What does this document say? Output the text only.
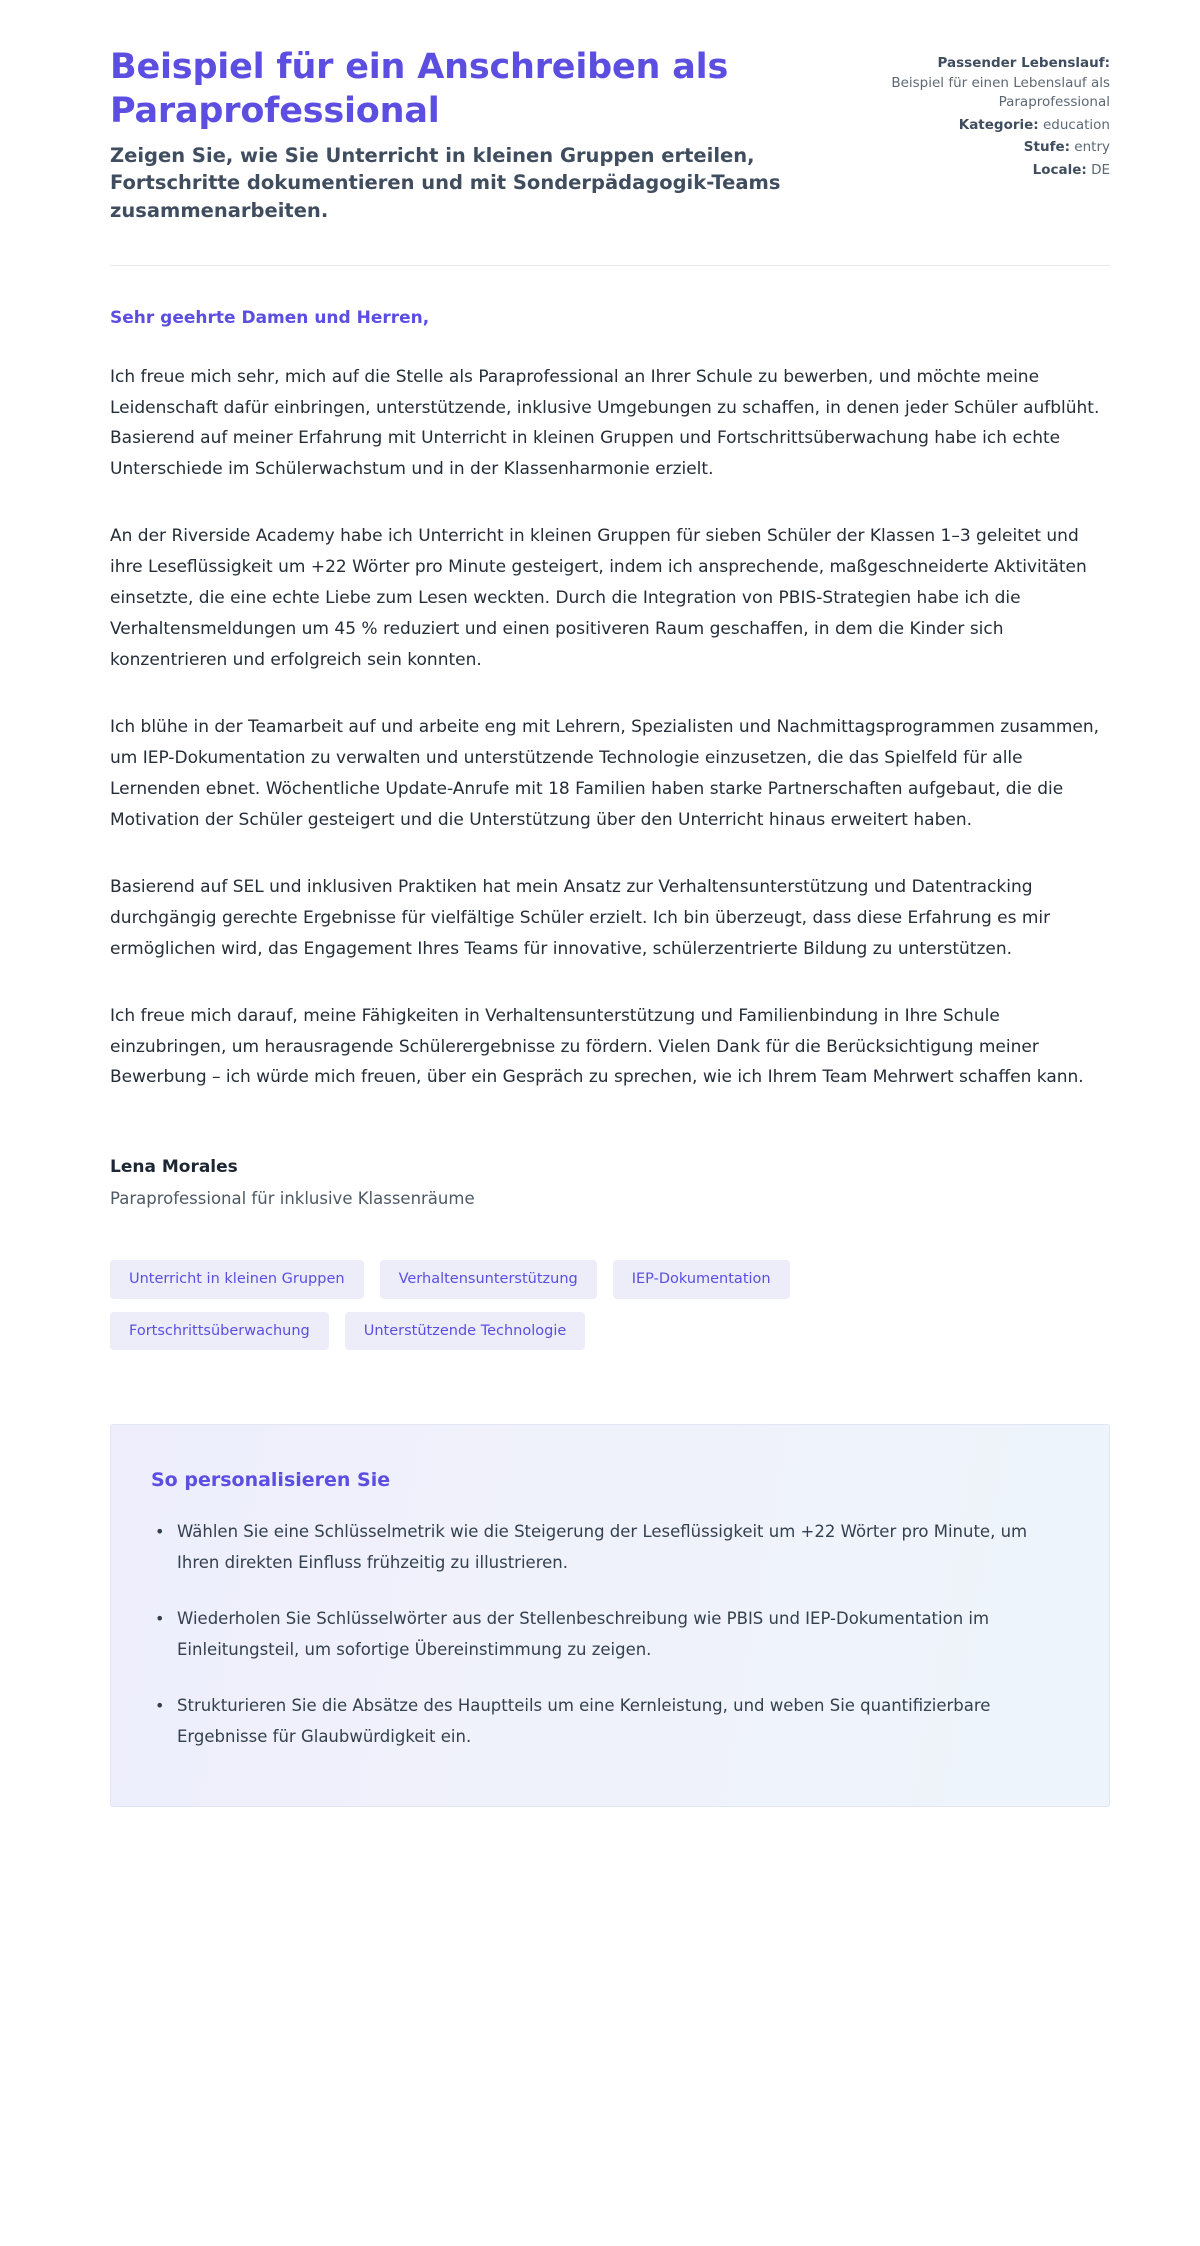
Beispiel für ein Anschreiben als Paraprofessional

Zeigen Sie, wie Sie Unterricht in kleinen Gruppen erteilen, Fortschritte dokumentieren und mit Sonderpädagogik-Teams zusammenarbeiten.

Passender Lebenslauf: Beispiel für einen Lebenslauf als Paraprofessional
Kategorie: education
Stufe: entry
Locale: DE

Sehr geehrte Damen und Herren,

Ich freue mich sehr, mich auf die Stelle als Paraprofessional an Ihrer Schule zu bewerben, und möchte meine Leidenschaft dafür einbringen, unterstützende, inklusive Umgebungen zu schaffen, in denen jeder Schüler aufblüht. Basierend auf meiner Erfahrung mit Unterricht in kleinen Gruppen und Fortschrittsüberwachung habe ich echte Unterschiede im Schülerwachstum und in der Klassenharmonie erzielt.

An der Riverside Academy habe ich Unterricht in kleinen Gruppen für sieben Schüler der Klassen 1–3 geleitet und ihre Leseflüssigkeit um +22 Wörter pro Minute gesteigert, indem ich ansprechende, maßgeschneiderte Aktivitäten einsetzte, die eine echte Liebe zum Lesen weckten. Durch die Integration von PBIS-Strategien habe ich die Verhaltensmeldungen um 45 % reduziert und einen positiveren Raum geschaffen, in dem die Kinder sich konzentrieren und erfolgreich sein konnten.

Ich blühe in der Teamarbeit auf und arbeite eng mit Lehrern, Spezialisten und Nachmittagsprogrammen zusammen, um IEP-Dokumentation zu verwalten und unterstützende Technologie einzusetzen, die das Spielfeld für alle Lernenden ebnet. Wöchentliche Update-Anrufe mit 18 Familien haben starke Partnerschaften aufgebaut, die die Motivation der Schüler gesteigert und die Unterstützung über den Unterricht hinaus erweitert haben.

Basierend auf SEL und inklusiven Praktiken hat mein Ansatz zur Verhaltensunterstützung und Datentracking durchgängig gerechte Ergebnisse für vielfältige Schüler erzielt. Ich bin überzeugt, dass diese Erfahrung es mir ermöglichen wird, das Engagement Ihres Teams für innovative, schülerzentrierte Bildung zu unterstützen.

Ich freue mich darauf, meine Fähigkeiten in Verhaltensunterstützung und Familienbindung in Ihre Schule einzubringen, um herausragende Schülerergebnisse zu fördern. Vielen Dank für die Berücksichtigung meiner Bewerbung – ich würde mich freuen, über ein Gespräch zu sprechen, wie ich Ihrem Team Mehrwert schaffen kann.

Lena Morales

Paraprofessional für inklusive Klassenräume

Unterricht in kleinen Gruppen	Verhaltensunterstützung	IEP-Dokumentation
Fortschrittsüberwachung	Unterstützende Technologie
So personalisieren Sie
• Wählen Sie eine Schlüsselmetrik wie die Steigerung der Leseflüssigkeit um +22 Wörter pro Minute, um Ihren direkten Einfluss frühzeitig zu illustrieren.
• Wiederholen Sie Schlüsselwörter aus der Stellenbeschreibung wie PBIS und IEP-Dokumentation im Einleitungsteil, um sofortige Übereinstimmung zu zeigen.
• Strukturieren Sie die Absätze des Hauptteils um eine Kernleistung, und weben Sie quantifizierbare Ergebnisse für Glaubwürdigkeit ein.
